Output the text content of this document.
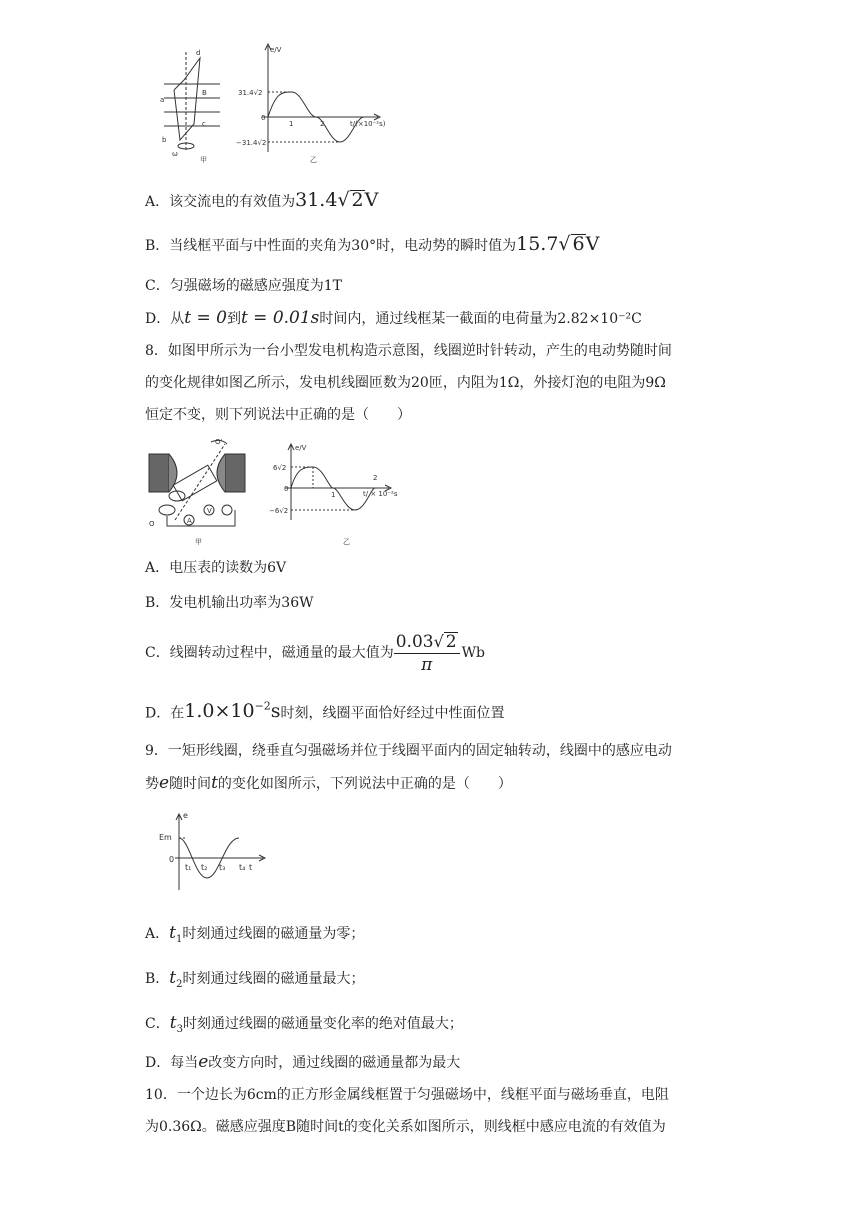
a
b
c
d
B
ω
甲
e/V
31.4√2
−31.4√2
0
1	2	t/(×10⁻²s)
乙
A．该交流电的有效值为31.4√ 2V
B．当线框平面与中性面的夹角为30°时，电动势的瞬时值为15.7√ 6V
C．匀强磁场的磁感应强度为1T
D．从t = 0到t = 0.01s时间内，通过线框某一截面的电荷量为2.82×10⁻²C
8．如图甲所示为一台小型发电机构造示意图，线圈逆时针转动，产生的电动势随时间
的变化规律如图乙所示，发电机线圈匝数为20匝，内阻为1Ω，外接灯泡的电阻为9Ω
恒定不变，则下列说法中正确的是（　　）
O'
O	A
V
甲
e/V
6√2
−6√2
0
1
2
t/ × 10⁻²s
乙
A．电压表的读数为6V
B．发电机输出功率为36W
C．线圈转动过程中，磁通量的最大值为 $\frac{0.03√ 2}{\pi}$ Wb
D．在$1.0\times 10^{-2}s$时刻，线圈平面恰好经过中性面位置
9．一矩形线圈，绕垂直匀强磁场并位于线圈平面内的固定轴转动，线圈中的感应电动
势e随时间t的变化如图所示，下列说法中正确的是（　　）
e
Em
0
t₁ t₂ t₃ t₄ t
A．$t_1$时刻通过线圈的磁通量为零；
B．$t_2$时刻通过线圈的磁通量最大；
C．$t_3$时刻通过线圈的磁通量变化率的绝对值最大；
D．每当e改变方向时，通过线圈的磁通量都为最大
10．一个边长为6cm的正方形金属线框置于匀强磁场中，线框平面与磁场垂直，电阻
为0.36Ω。磁感应强度B随时间t的变化关系如图所示，则线框中感应电流的有效值为
